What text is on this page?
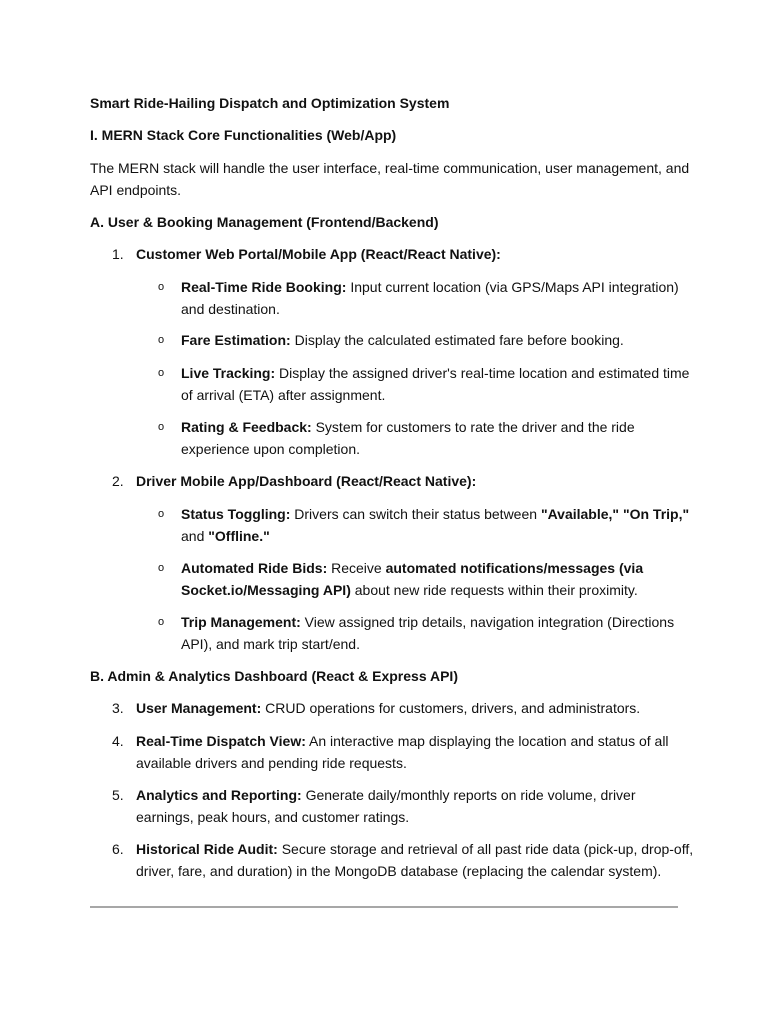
Smart Ride-Hailing Dispatch and Optimization System

I. MERN Stack Core Functionalities (Web/App)

The MERN stack will handle the user interface, real-time communication, user management, and API endpoints.

A. User & Booking Management (Frontend/Backend)

1. Customer Web Portal/Mobile App (React/React Native):

o Real-Time Ride Booking: Input current location (via GPS/Maps API integration) and destination.

o Fare Estimation: Display the calculated estimated fare before booking.

o Live Tracking: Display the assigned driver's real-time location and estimated time of arrival (ETA) after assignment.

o Rating & Feedback: System for customers to rate the driver and the ride experience upon completion.

2. Driver Mobile App/Dashboard (React/React Native):

o Status Toggling: Drivers can switch their status between "Available," "On Trip," and "Offline."

o Automated Ride Bids: Receive automated notifications/messages (via Socket.io/Messaging API) about new ride requests within their proximity.

o Trip Management: View assigned trip details, navigation integration (Directions API), and mark trip start/end.

B. Admin & Analytics Dashboard (React & Express API)

3. User Management: CRUD operations for customers, drivers, and administrators.

4. Real-Time Dispatch View: An interactive map displaying the location and status of all available drivers and pending ride requests.

5. Analytics and Reporting: Generate daily/monthly reports on ride volume, driver earnings, peak hours, and customer ratings.

6. Historical Ride Audit: Secure storage and retrieval of all past ride data (pick-up, drop-off, driver, fare, and duration) in the MongoDB database (replacing the calendar system).
